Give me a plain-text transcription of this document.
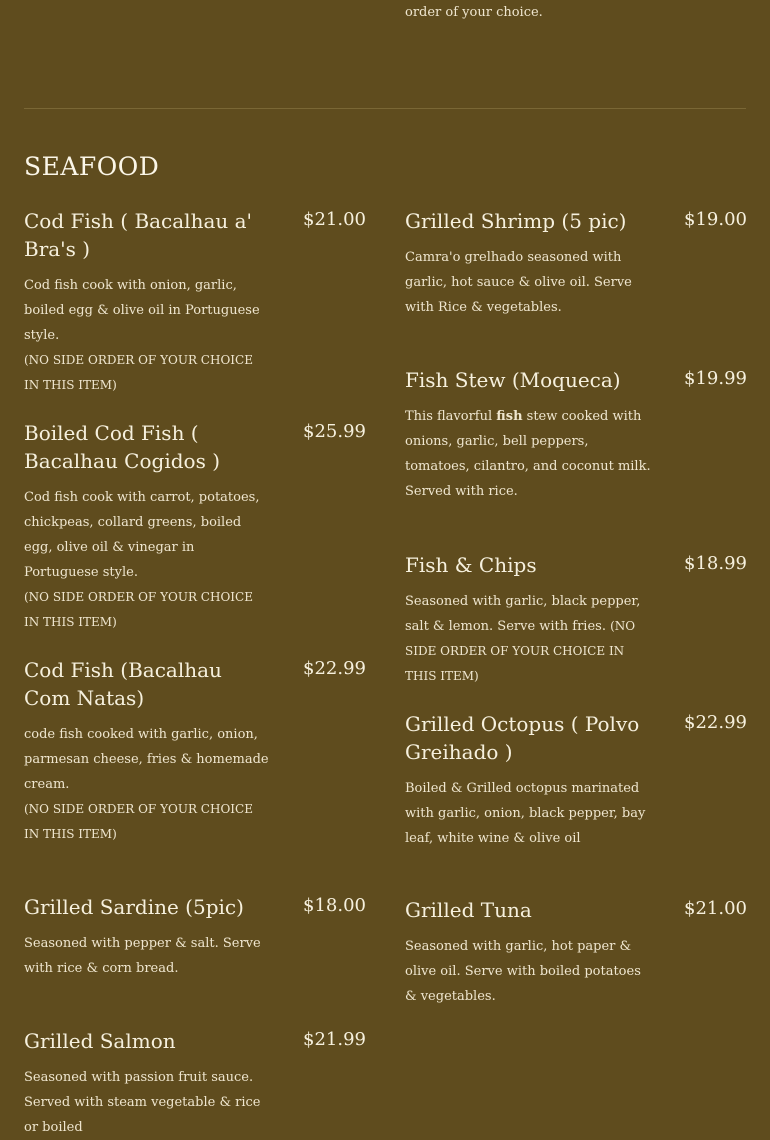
order of your choice.
SEAFOOD
Cod Fish ( Bacalhau a' Bra's )
$21.00
Cod fish cook with onion, garlic, boiled egg & olive oil in Portuguese style.
(NO SIDE ORDER OF YOUR CHOICE IN THIS ITEM)
Boiled Cod Fish ( Bacalhau Cogidos )
$25.99
Cod fish cook with carrot, potatoes, chickpeas, collard greens, boiled egg, olive oil & vinegar in Portuguese style.
(NO SIDE ORDER OF YOUR CHOICE IN THIS ITEM)
Cod Fish (Bacalhau Com Natas)
$22.99
code fish cooked with garlic, onion, parmesan cheese, fries & homemade cream.
(NO SIDE ORDER OF YOUR CHOICE IN THIS ITEM)
Grilled Sardine (5pic)	$18.00
Seasoned with pepper & salt. Serve with rice & corn bread.
Grilled Salmon	$21.99
Seasoned with passion fruit sauce. Served with steam vegetable & rice or boiled
Grilled Shrimp (5 pic)	$19.00
Camra'o grelhado seasoned with garlic, hot sauce & olive oil. Serve with Rice & vegetables.
Fish Stew (Moqueca)	$19.99
This flavorful fish stew cooked with onions, garlic, bell peppers, tomatoes, cilantro, and coconut milk. Served with rice.
Fish & Chips	$18.99
Seasoned with garlic, black pepper, salt & lemon. Serve with fries. (NO SIDE ORDER OF YOUR CHOICE IN THIS ITEM)
Grilled Octopus ( Polvo Greihado )
$22.99
Boiled & Grilled octopus marinated with garlic, onion, black pepper, bay leaf, white wine & olive oil
Grilled Tuna	$21.00
Seasoned with garlic, hot paper & olive oil. Serve with boiled potatoes & vegetables.
